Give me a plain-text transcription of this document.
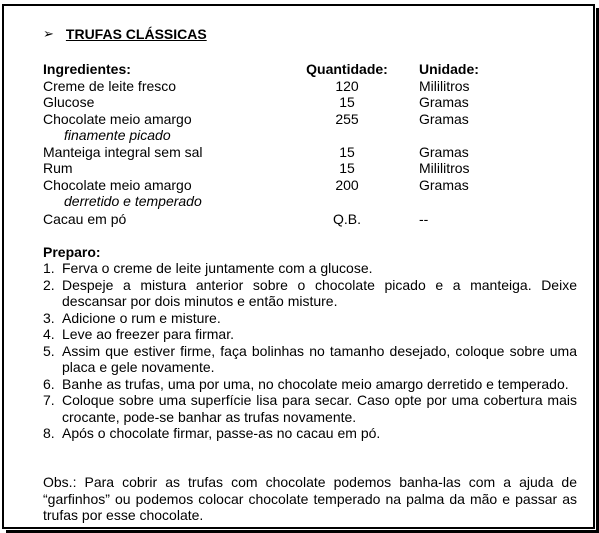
➢ TRUFAS CLÁSSICAS
Ingredientes:	Quantidade:	Unidade:
Creme de leite fresco	120	Mililitros
Glucose	15	Gramas
Chocolate meio amargo	255	Gramas
finamente picado
Manteiga integral sem sal	15	Gramas
Rum	15	Mililitros
Chocolate meio amargo	200	Gramas
derretido e temperado
Cacau em pó	Q.B.	--
Preparo:
1. Ferva o creme de leite juntamente com a glucose.
2. Despeje a mistura anterior sobre o chocolate picado e a manteiga. Deixe descansar por dois minutos e então misture.
3. Adicione o rum e misture.
4. Leve ao freezer para firmar.
5. Assim que estiver firme, faça bolinhas no tamanho desejado, coloque sobre uma placa e gele novamente.
6. Banhe as trufas, uma por uma, no chocolate meio amargo derretido e temperado.
7. Coloque sobre uma superfície lisa para secar. Caso opte por uma cobertura mais crocante, pode-se banhar as trufas novamente.
8. Após o chocolate firmar, passe-as no cacau em pó.
Obs.: Para cobrir as trufas com chocolate podemos banha-las com a ajuda de “garfinhos” ou podemos colocar chocolate temperado na palma da mão e passar as trufas por esse chocolate.
